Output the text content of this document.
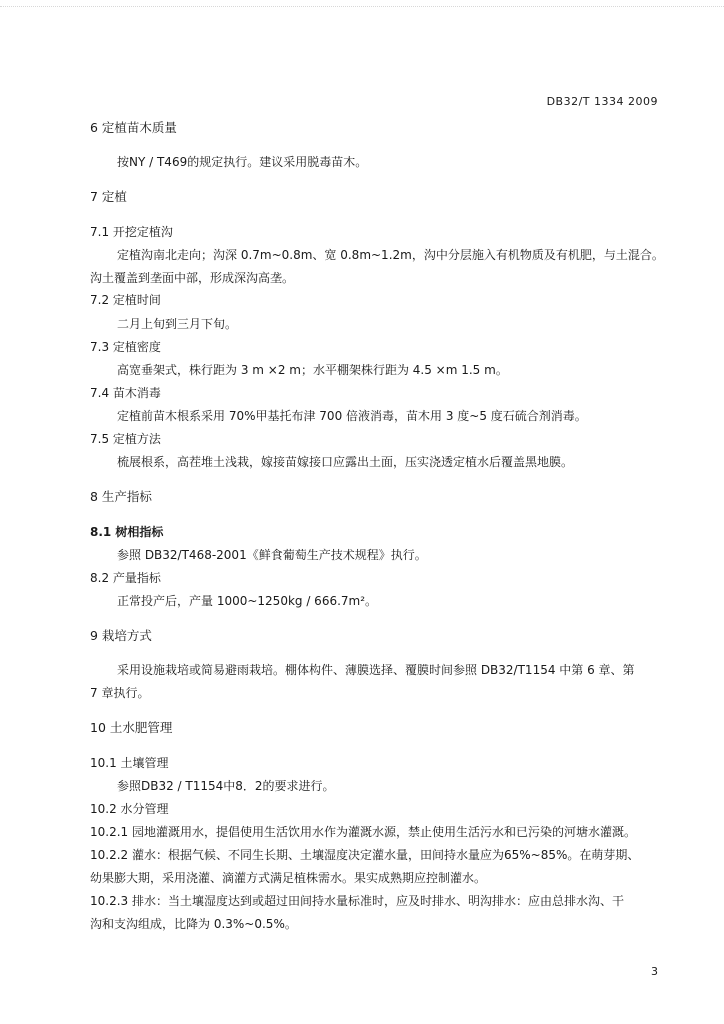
DB32/T 1334 2009
6 定植苗木质量
按NY / T469的规定执行。建议采用脱毒苗木。
7 定植
7.1 开挖定植沟
定植沟南北走向；沟深 0.7m~0.8m、宽 0.8m~1.2m，沟中分层施入有机物质及有机肥，与土混合。
沟土覆盖到垄面中部，形成深沟高垄。
7.2 定植时间
二月上旬到三月下旬。
7.3 定植密度
高宽垂架式，株行距为 3 m ×2 m；水平棚架株行距为 4.5 ×m 1.5 m。
7.4 苗木消毒
定植前苗木根系采用 70%甲基托布津 700 倍液消毒，苗木用 3 度~5 度石硫合剂消毒。
7.5 定植方法
梳展根系，高茬堆土浅栽，嫁接苗嫁接口应露出土面，压实浇透定植水后覆盖黑地膜。
8 生产指标
8.1 树相指标
参照 DB32/T468-2001《鲜食葡萄生产技术规程》执行。
8.2 产量指标
正常投产后，产量 1000~1250kg / 666.7m²。
9 栽培方式
采用设施栽培或简易避雨栽培。棚体构件、薄膜选择、覆膜时间参照 DB32/T1154 中第 6 章、第
7 章执行。
10 土水肥管理
10.1 土壤管理
参照DB32 / T1154中8．2的要求进行。
10.2 水分管理
10.2.1 园地灌溉用水，提倡使用生活饮用水作为灌溉水源，禁止使用生活污水和已污染的河塘水灌溉。
10.2.2 灌水：根据气候、不同生长期、土壤湿度决定灌水量，田间持水量应为65%~85%。在萌芽期、
幼果膨大期，采用浇灌、滴灌方式满足植株需水。果实成熟期应控制灌水。
10.2.3 排水：当土壤湿度达到或超过田间持水量标准时，应及时排水、明沟排水：应由总排水沟、干
沟和支沟组成，比降为 0.3%~0.5%。
3
